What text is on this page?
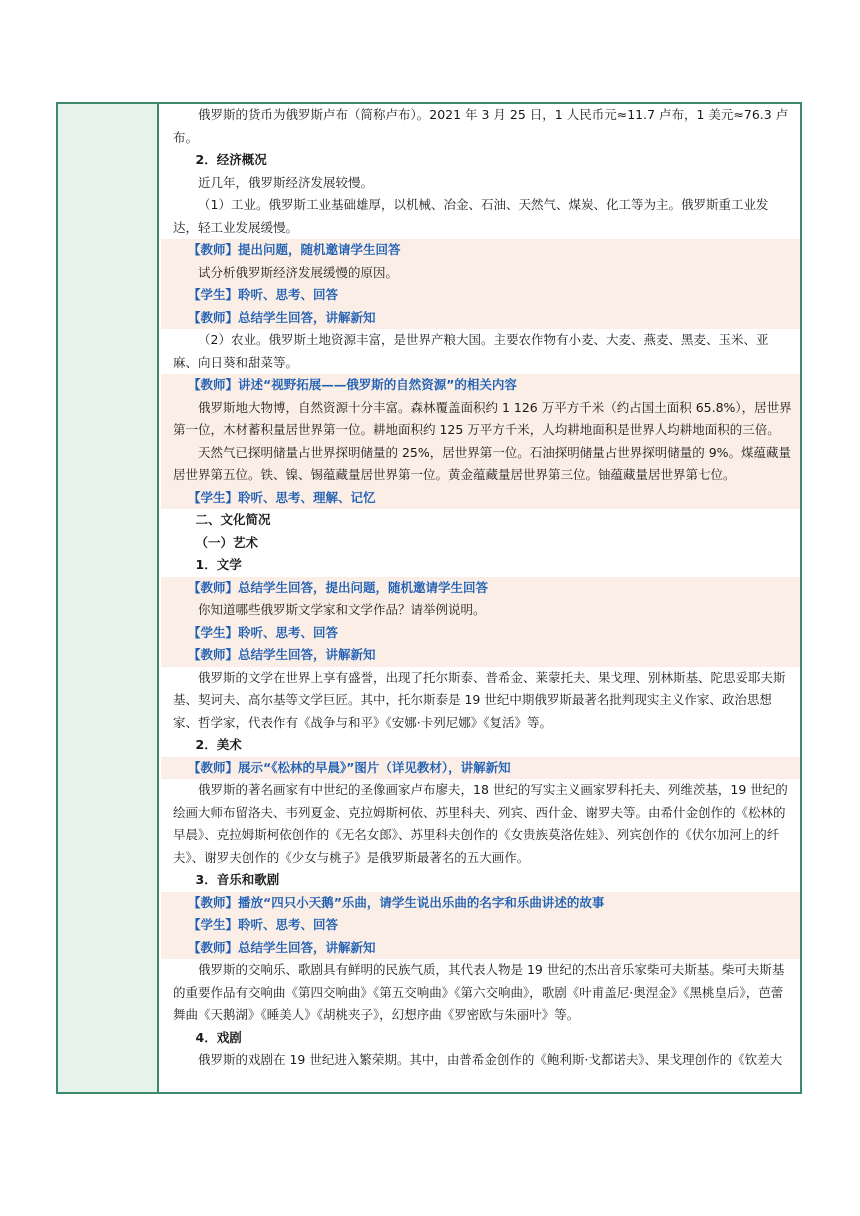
俄罗斯的货币为俄罗斯卢布（简称卢布）。2021 年 3 月 25 日，1 人民币元≈11.7 卢布，1 美元≈76.3 卢布。
2．经济概况
近几年，俄罗斯经济发展较慢。
（1）工业。俄罗斯工业基础雄厚，以机械、冶金、石油、天然气、煤炭、化工等为主。俄罗斯重工业发达，轻工业发展缓慢。
【教师】提出问题，随机邀请学生回答
试分析俄罗斯经济发展缓慢的原因。
【学生】聆听、思考、回答
【教师】总结学生回答，讲解新知
（2）农业。俄罗斯土地资源丰富，是世界产粮大国。主要农作物有小麦、大麦、燕麦、黑麦、玉米、亚麻、向日葵和甜菜等。
【教师】讲述“视野拓展——俄罗斯的自然资源”的相关内容
俄罗斯地大物博，自然资源十分丰富。森林覆盖面积约 1 126 万平方千米（约占国土面积 65.8%），居世界第一位，木材蓄积量居世界第一位。耕地面积约 125 万平方千米，人均耕地面积是世界人均耕地面积的三倍。
天然气已探明储量占世界探明储量的 25%，居世界第一位。石油探明储量占世界探明储量的 9%。煤蕴藏量居世界第五位。铁、镍、锡蕴藏量居世界第一位。黄金蕴藏量居世界第三位。铀蕴藏量居世界第七位。
【学生】聆听、思考、理解、记忆
二、文化简况
（一）艺术
1．文学
【教师】总结学生回答，提出问题，随机邀请学生回答
你知道哪些俄罗斯文学家和文学作品？请举例说明。
【学生】聆听、思考、回答
【教师】总结学生回答，讲解新知
俄罗斯的文学在世界上享有盛誉，出现了托尔斯泰、普希金、莱蒙托夫、果戈理、别林斯基、陀思妥耶夫斯基、契诃夫、高尔基等文学巨匠。其中，托尔斯泰是 19 世纪中期俄罗斯最著名批判现实主义作家、政治思想家、哲学家，代表作有《战争与和平》《安娜·卡列尼娜》《复活》等。
2．美术
【教师】展示“《松林的早晨》”图片（详见教材），讲解新知
俄罗斯的著名画家有中世纪的圣像画家卢布廖夫，18 世纪的写实主义画家罗科托夫、列维茨基，19 世纪的绘画大师布留洛夫、韦列夏金、克拉姆斯柯依、苏里科夫、列宾、西什金、谢罗夫等。由希什金创作的《松林的早晨》、克拉姆斯柯依创作的《无名女郎》、苏里科夫创作的《女贵族莫洛佐娃》、列宾创作的《伏尔加河上的纤夫》、谢罗夫创作的《少女与桃子》是俄罗斯最著名的五大画作。
3．音乐和歌剧
【教师】播放“四只小天鹅”乐曲，请学生说出乐曲的名字和乐曲讲述的故事
【学生】聆听、思考、回答
【教师】总结学生回答，讲解新知
俄罗斯的交响乐、歌剧具有鲜明的民族气质，其代表人物是 19 世纪的杰出音乐家柴可夫斯基。柴可夫斯基的重要作品有交响曲《第四交响曲》《第五交响曲》《第六交响曲》，歌剧《叶甫盖尼·奥涅金》《黑桃皇后》，芭蕾舞曲《天鹅湖》《睡美人》《胡桃夹子》，幻想序曲《罗密欧与朱丽叶》等。
4．戏剧
俄罗斯的戏剧在 19 世纪进入繁荣期。其中，由普希金创作的《鲍利斯·戈都诺夫》、果戈理创作的《钦差大
